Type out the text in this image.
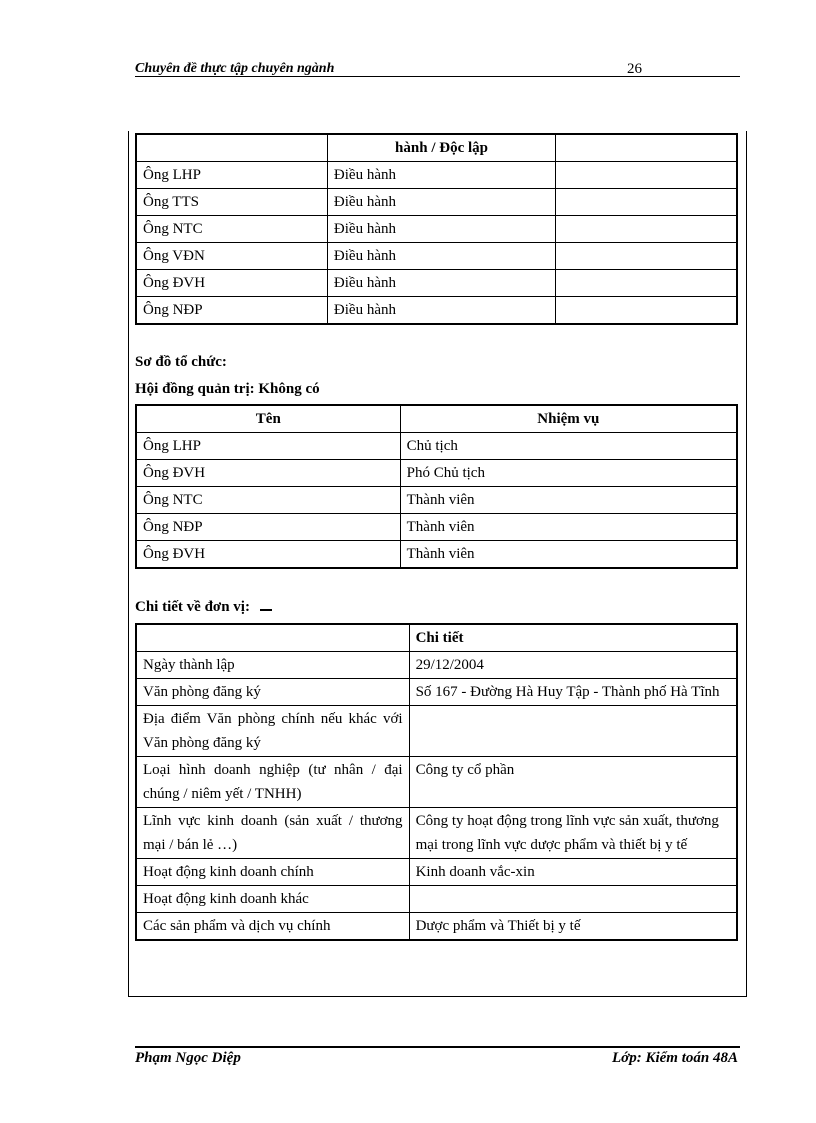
Chuyên đề thực tập chuyên ngành	26
	hành / Độc lập	
Ông LHP	Điều hành	
Ông TTS	Điều hành	
Ông NTC	Điều hành	
Ông VĐN	Điều hành	
Ông ĐVH	Điều hành	
Ông NĐP	Điều hành	
Sơ đồ tổ chức:
Hội đồng quản trị: Không có
Tên	Nhiệm vụ
Ông LHP	Chủ tịch
Ông ĐVH	Phó Chủ tịch
Ông NTC	Thành viên
Ông NĐP	Thành viên
Ông ĐVH	Thành viên
Chi tiết về đơn vị:
	Chi tiết
Ngày thành lập	29/12/2004
Văn phòng đăng ký	Số 167 - Đường Hà Huy Tập - Thành phố Hà Tĩnh
Địa điểm Văn phòng chính nếu khác với Văn phòng đăng ký	
Loại hình doanh nghiệp (tư nhân / đại chúng / niêm yết / TNHH)	Công ty cổ phần
Lĩnh vực kinh doanh (sản xuất / thương mại / bán lẻ …)	Công ty hoạt động trong lĩnh vực sản xuất, thương mại trong lĩnh vực dược phẩm và thiết bị y tế
Hoạt động kinh doanh chính	Kinh doanh vắc-xin
Hoạt động kinh doanh khác	
Các sản phẩm và dịch vụ chính	Dược phẩm và Thiết bị y tế
Phạm Ngọc Diệp	Lớp: Kiểm toán 48A
